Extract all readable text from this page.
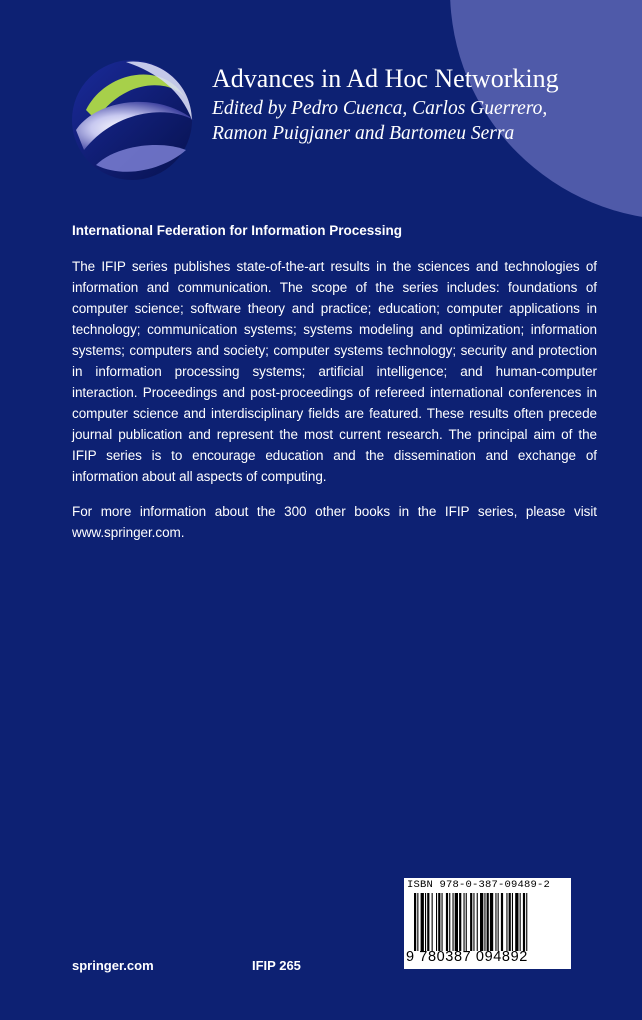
Advances in Ad Hoc Networking

Edited by Pedro Cuenca, Carlos Guerrero,
Ramon Puigjaner and Bartomeu Serra

International Federation for Information Processing

The IFIP series publishes state-of-the-art results in the sciences and technologies of information and communication. The scope of the series includes: foundations of computer science; software theory and practice; education; computer applications in technology; communication systems; systems modeling and optimization; information systems; computers and society; computer systems technology; security and protection in information processing systems; artificial intelligence; and human-computer interaction. Proceedings and post-proceedings of refereed international conferences in computer science and interdisciplinary fields are featured. These results often precede journal publication and represent the most current research. The principal aim of the IFIP series is to encourage education and the dissemination and exchange of information about all aspects of computing.

For more information about the 300 other books in the IFIP series, please visit www.springer.com.

springer.com	IFIP 265
ISBN 978-0-387-09489-2
9 780387 094892
